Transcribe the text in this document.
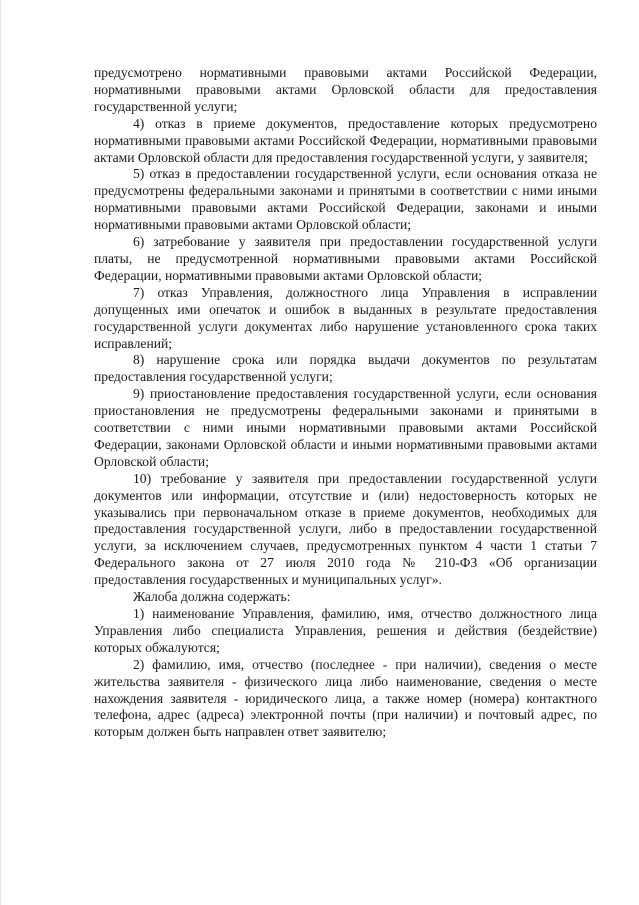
предусмотрено нормативными правовыми актами Российской Федерации, нормативными правовыми актами Орловской области для предоставления государственной услуги;

4) отказ в приеме документов, предоставление которых предусмотрено нормативными правовыми актами Российской Федерации, нормативными правовыми актами Орловской области для предоставления государственной услуги, у заявителя;

5) отказ в предоставлении государственной услуги, если основания отказа не предусмотрены федеральными законами и принятыми в соответствии с ними иными нормативными правовыми актами Российской Федерации, законами и иными нормативными правовыми актами Орловской области;

6) затребование у заявителя при предоставлении государственной услуги платы, не предусмотренной нормативными правовыми актами Российской Федерации, нормативными правовыми актами Орловской области;

7) отказ Управления, должностного лица Управления в исправлении допущенных ими опечаток и ошибок в выданных в результате предоставления государственной услуги документах либо нарушение установленного срока таких исправлений;

8) нарушение срока или порядка выдачи документов по результатам предоставления государственной услуги;

9) приостановление предоставления государственной услуги, если основания приостановления не предусмотрены федеральными законами и принятыми в соответствии с ними иными нормативными правовыми актами Российской Федерации, законами Орловской области и иными нормативными правовыми актами Орловской области;

10) требование у заявителя при предоставлении государственной услуги документов или информации, отсутствие и (или) недостоверность которых не указывались при первоначальном отказе в приеме документов, необходимых для предоставления государственной услуги, либо в предоставлении государственной услуги, за исключением случаев, предусмотренных пунктом 4 части 1 статьи 7 Федерального закона от 27 июля 2010 года № 210-ФЗ «Об организации предоставления государственных и муниципальных услуг».

Жалоба должна содержать:

1) наименование Управления, фамилию, имя, отчество должностного лица Управления либо специалиста Управления, решения и действия (бездействие) которых обжалуются;

2) фамилию, имя, отчество (последнее - при наличии), сведения о месте жительства заявителя - физического лица либо наименование, сведения о месте нахождения заявителя - юридического лица, а также номер (номера) контактного телефона, адрес (адреса) электронной почты (при наличии) и почтовый адрес, по которым должен быть направлен ответ заявителю;
